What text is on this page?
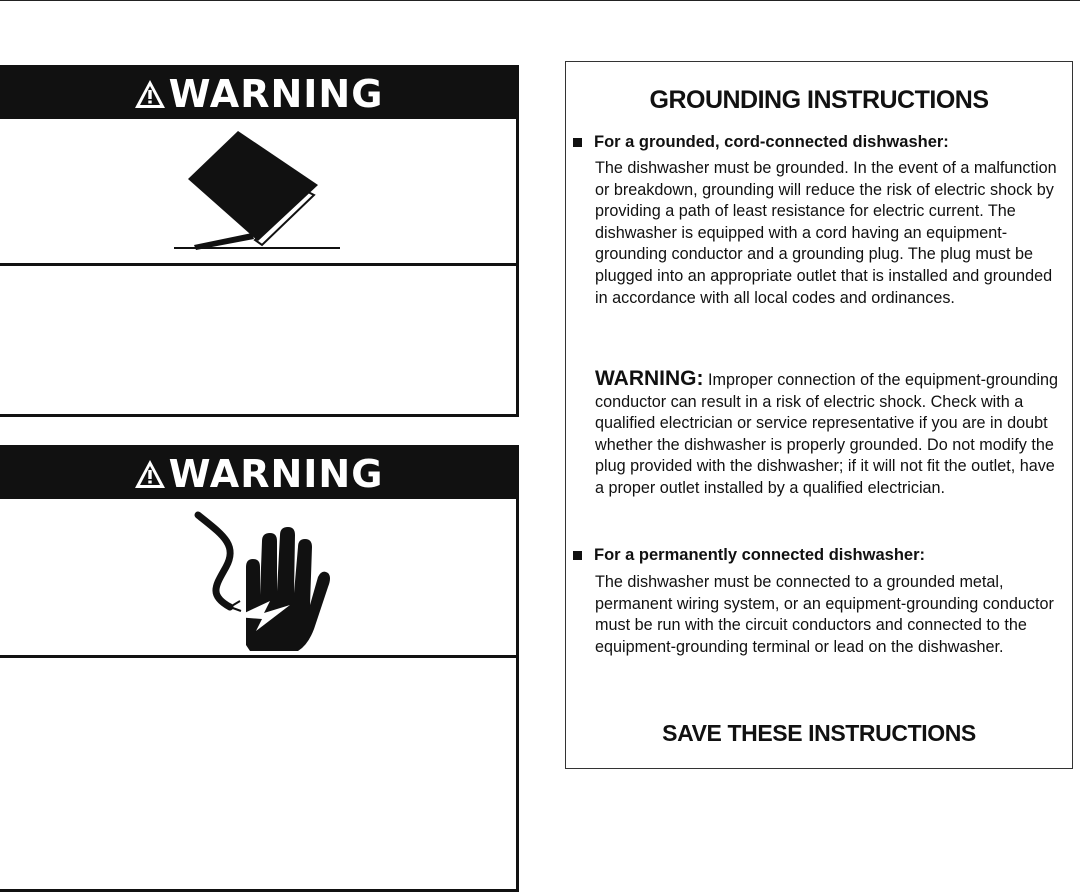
WARNING
WARNING
GROUNDING INSTRUCTIONS
For a grounded, cord-connected dishwasher:
The dishwasher must be grounded. In the event of a malfunction or breakdown, grounding will reduce the risk of electric shock by providing a path of least resistance for electric current. The dishwasher is equipped with a cord having an equipment-grounding conductor and a grounding plug. The plug must be plugged into an appropriate outlet that is installed and grounded in accordance with all local codes and ordinances.
WARNING: Improper connection of the equipment-grounding conductor can result in a risk of electric shock. Check with a qualified electrician or service representative if you are in doubt whether the dishwasher is properly grounded. Do not modify the plug provided with the dishwasher; if it will not fit the outlet, have a proper outlet installed by a qualified electrician.
For a permanently connected dishwasher:
The dishwasher must be connected to a grounded metal, permanent wiring system, or an equipment-grounding conductor must be run with the circuit conductors and connected to the equipment-grounding terminal or lead on the dishwasher.
SAVE THESE INSTRUCTIONS
